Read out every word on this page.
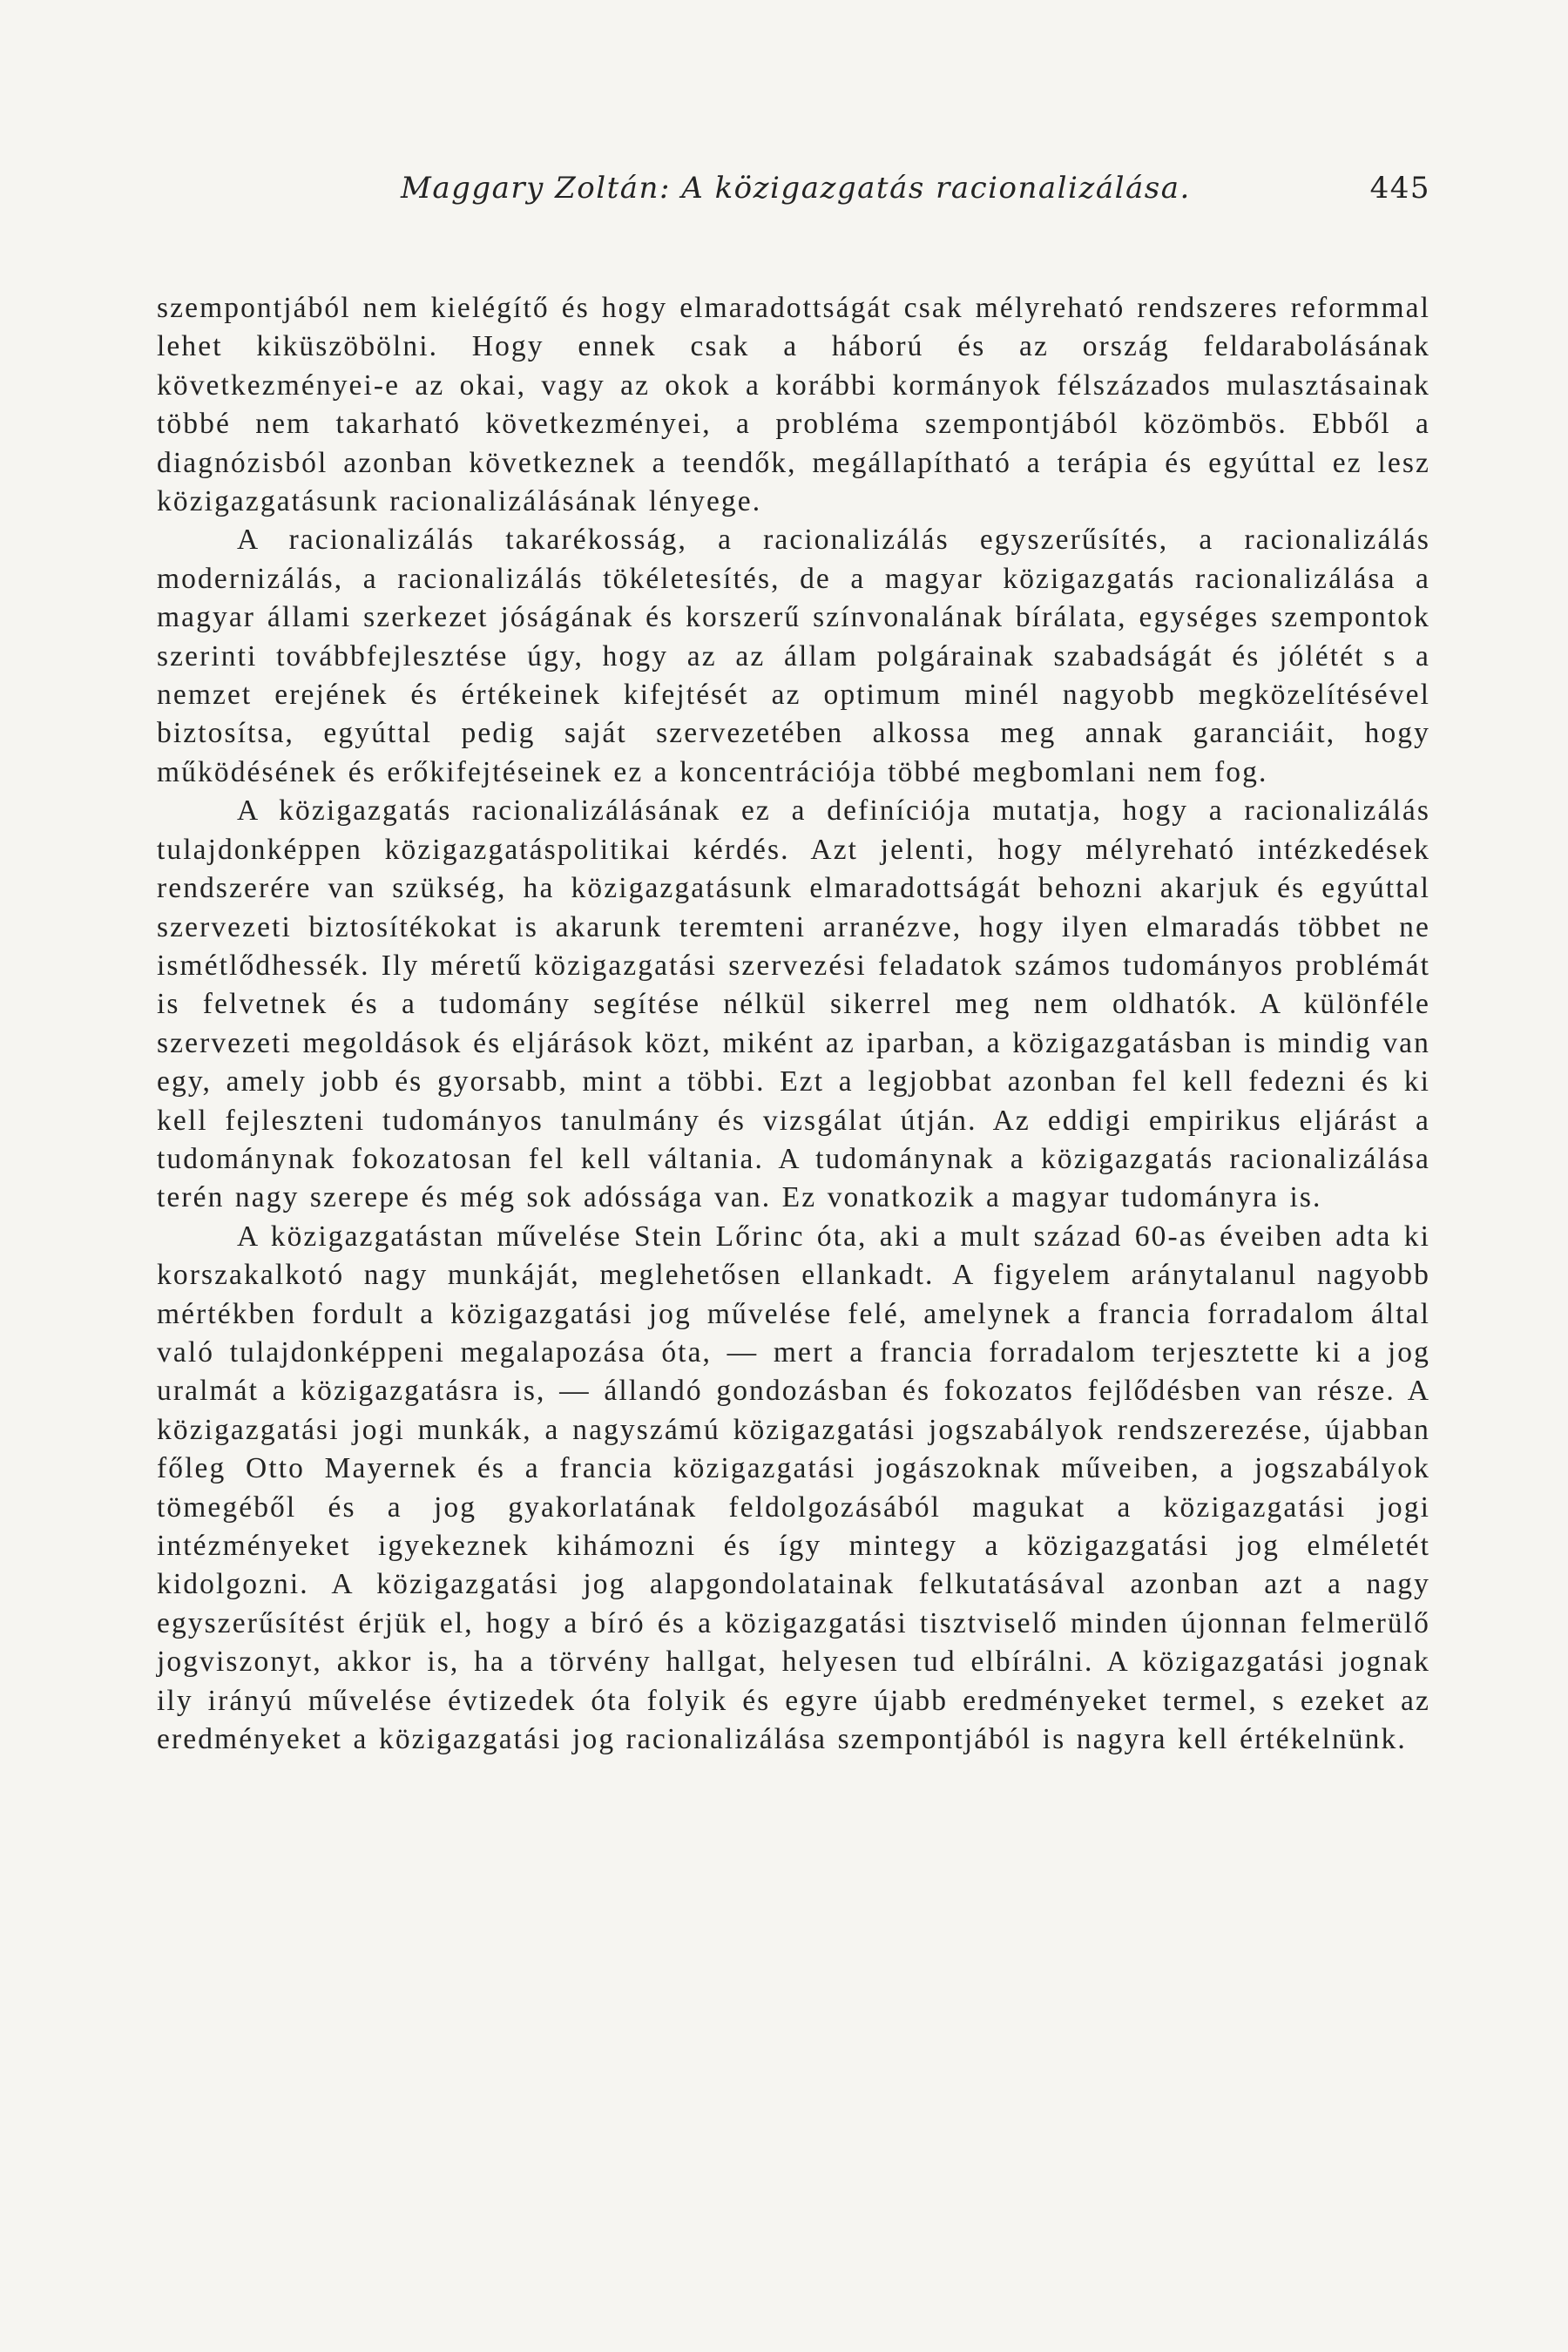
Maggary Zoltán: A közigazgatás racionalizálása.	445

szempontjából nem kielégítő és hogy elmaradottságát csak mélyreható rendszeres reformmal lehet kiküszöbölni. Hogy ennek csak a háború és az ország feldarabolásának következményei-e az okai, vagy az okok a korábbi kormányok félszázados mulasztásainak többé nem takarható következményei, a probléma szempontjából közömbös. Ebből a diagnózisból azonban következnek a teendők, megállapítható a terápia és egyúttal ez lesz közigazgatásunk racionalizálásának lényege.

A racionalizálás takarékosság, a racionalizálás egyszerűsítés, a racionalizálás modernizálás, a racionalizálás tökéletesítés, de a magyar közigazgatás racionalizálása a magyar állami szerkezet jóságának és korszerű színvonalának bírálata, egységes szempontok szerinti továbbfejlesztése úgy, hogy az az állam polgárainak szabadságát és jólétét s a nemzet erejének és értékeinek kifejtését az optimum minél nagyobb megközelítésével biztosítsa, egyúttal pedig saját szervezetében alkossa meg annak garanciáit, hogy működésének és erőkifejtéseinek ez a koncentrációja többé megbomlani nem fog.

A közigazgatás racionalizálásának ez a definíciója mutatja, hogy a racionalizálás tulajdonképpen közigazgatáspolitikai kérdés. Azt jelenti, hogy mélyreható intézkedések rendszerére van szükség, ha közigazgatásunk elmaradottságát behozni akarjuk és egyúttal szervezeti biztosítékokat is akarunk teremteni arranézve, hogy ilyen elmaradás többet ne ismétlődhessék. Ily méretű közigazgatási szervezési feladatok számos tudományos problémát is felvetnek és a tudomány segítése nélkül sikerrel meg nem oldhatók. A különféle szervezeti megoldások és eljárások közt, miként az iparban, a közigazgatásban is mindig van egy, amely jobb és gyorsabb, mint a többi. Ezt a legjobbat azonban fel kell fedezni és ki kell fejleszteni tudományos tanulmány és vizsgálat útján. Az eddigi empirikus eljárást a tudománynak fokozatosan fel kell váltania. A tudománynak a közigazgatás racionalizálása terén nagy szerepe és még sok adóssága van. Ez vonatkozik a magyar tudományra is.

A közigazgatástan művelése Stein Lőrinc óta, aki a mult század 60-as éveiben adta ki korszakalkotó nagy munkáját, meglehetősen ellankadt. A figyelem aránytalanul nagyobb mértékben fordult a közigazgatási jog művelése felé, amelynek a francia forradalom által való tulajdonképpeni megalapozása óta, — mert a francia forradalom terjesztette ki a jog uralmát a közigazgatásra is, — állandó gondozásban és fokozatos fejlődésben van része. A közigazgatási jogi munkák, a nagyszámú közigazgatási jogszabályok rendszerezése, újabban főleg Otto Mayernek és a francia közigazgatási jogászoknak műveiben, a jogszabályok tömegéből és a jog gyakorlatának feldolgozásából magukat a közigazgatási jogi intézményeket igyekeznek kihámozni és így mintegy a közigazgatási jog elméletét kidolgozni. A közigazgatási jog alapgondolatainak felkutatásával azonban azt a nagy egyszerűsítést érjük el, hogy a bíró és a közigazgatási tisztviselő minden újonnan felmerülő jogviszonyt, akkor is, ha a törvény hallgat, helyesen tud elbírálni. A közigazgatási jognak ily irányú művelése évtizedek óta folyik és egyre újabb eredményeket termel, s ezeket az eredményeket a közigazgatási jog racionalizálása szempontjából is nagyra kell értékelnünk.
